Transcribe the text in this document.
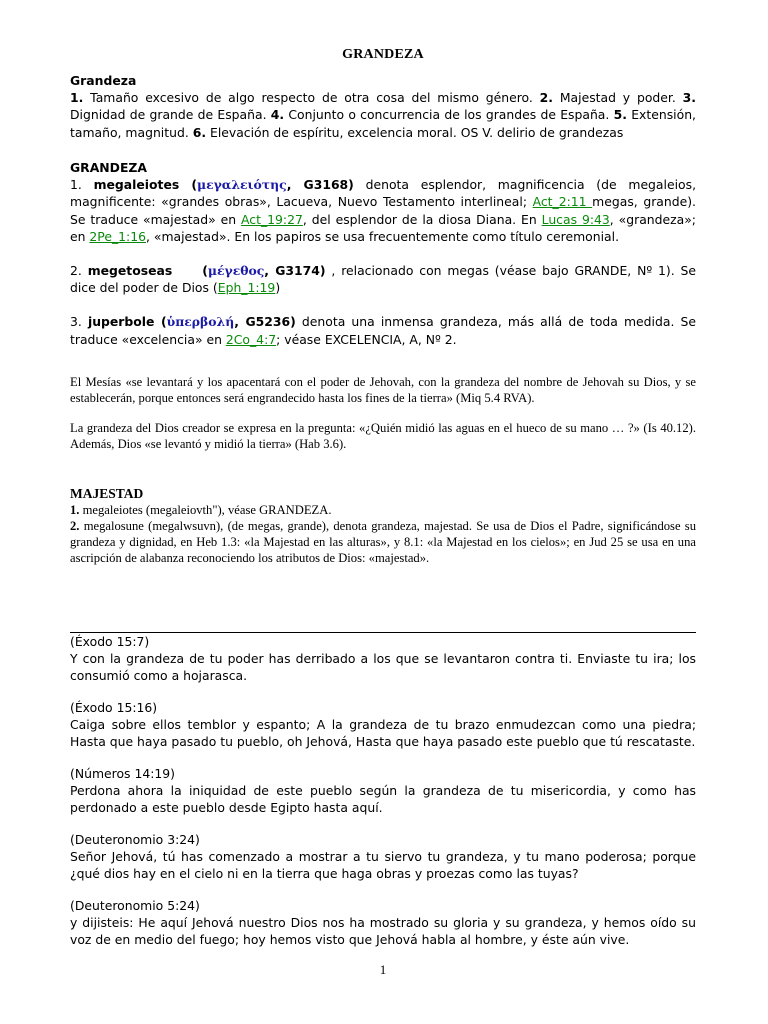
GRANDEZA
Grandeza

1. Tamaño excesivo de algo respecto de otra cosa del mismo género. 2. Majestad y poder. 3. Dignidad de grande de España. 4. Conjunto o concurrencia de los grandes de España. 5. Extensión, tamaño, magnitud. 6. Elevación de espíritu, excelencia moral. OS V. delirio de grandezas

GRANDEZA

1. megaleiotes (μεγαλειότης, G3168) denota esplendor, magnificencia (de megaleios, magnificente: «grandes obras», Lacueva, Nuevo Testamento interlineal; Act_2:11 megas, grande). Se traduce «majestad» en Act_19:27, del esplendor de la diosa Diana. En Lucas 9:43, «grandeza»; en 2Pe_1:16, «majestad». En los papiros se usa frecuentemente como título ceremonial.

2. megetoseas (μέγεθος, G3174) , relacionado con megas (véase bajo GRANDE, Nº 1). Se dice del poder de Dios (Eph_1:19)

3. juperbole (ὑπερβολή, G5236) denota una inmensa grandeza, más allá de toda medida. Se traduce «excelencia» en 2Co_4:7; véase EXCELENCIA, A, Nº 2.

El Mesías «se levantará y los apacentará con el poder de Jehovah, con la grandeza del nombre de Jehovah su Dios, y se establecerán, porque entonces será engrandecido hasta los fines de la tierra» (Miq 5.4 RVA).

La grandeza del Dios creador se expresa en la pregunta: «¿Quién midió las aguas en el hueco de su mano … ?» (Is 40.12). Además, Dios «se levantó y midió la tierra» (Hab 3.6).

MAJESTAD

1. megaleiotes (megaleiovth"), véase GRANDEZA.

2. megalosune (megalwsuvn), (de megas, grande), denota grandeza, majestad. Se usa de Dios el Padre, significándose su grandeza y dignidad, en Heb 1.3: «la Majestad en las alturas», y 8.1: «la Majestad en los cielos»; en Jud 25 se usa en una ascripción de alabanza reconociendo los atributos de Dios: «majestad».

(Éxodo 15:7)

Y con la grandeza de tu poder has derribado a los que se levantaron contra ti. Enviaste tu ira; los consumió como a hojarasca.

(Éxodo 15:16)

Caiga sobre ellos temblor y espanto; A la grandeza de tu brazo enmudezcan como una piedra; Hasta que haya pasado tu pueblo, oh Jehová, Hasta que haya pasado este pueblo que tú rescataste.

(Números 14:19)

Perdona ahora la iniquidad de este pueblo según la grandeza de tu misericordia, y como has perdonado a este pueblo desde Egipto hasta aquí.

(Deuteronomio 3:24)

Señor Jehová, tú has comenzado a mostrar a tu siervo tu grandeza, y tu mano poderosa; porque ¿qué dios hay en el cielo ni en la tierra que haga obras y proezas como las tuyas?

(Deuteronomio 5:24)

y dijisteis: He aquí Jehová nuestro Dios nos ha mostrado su gloria y su grandeza, y hemos oído su voz de en medio del fuego; hoy hemos visto que Jehová habla al hombre, y éste aún vive.

1
